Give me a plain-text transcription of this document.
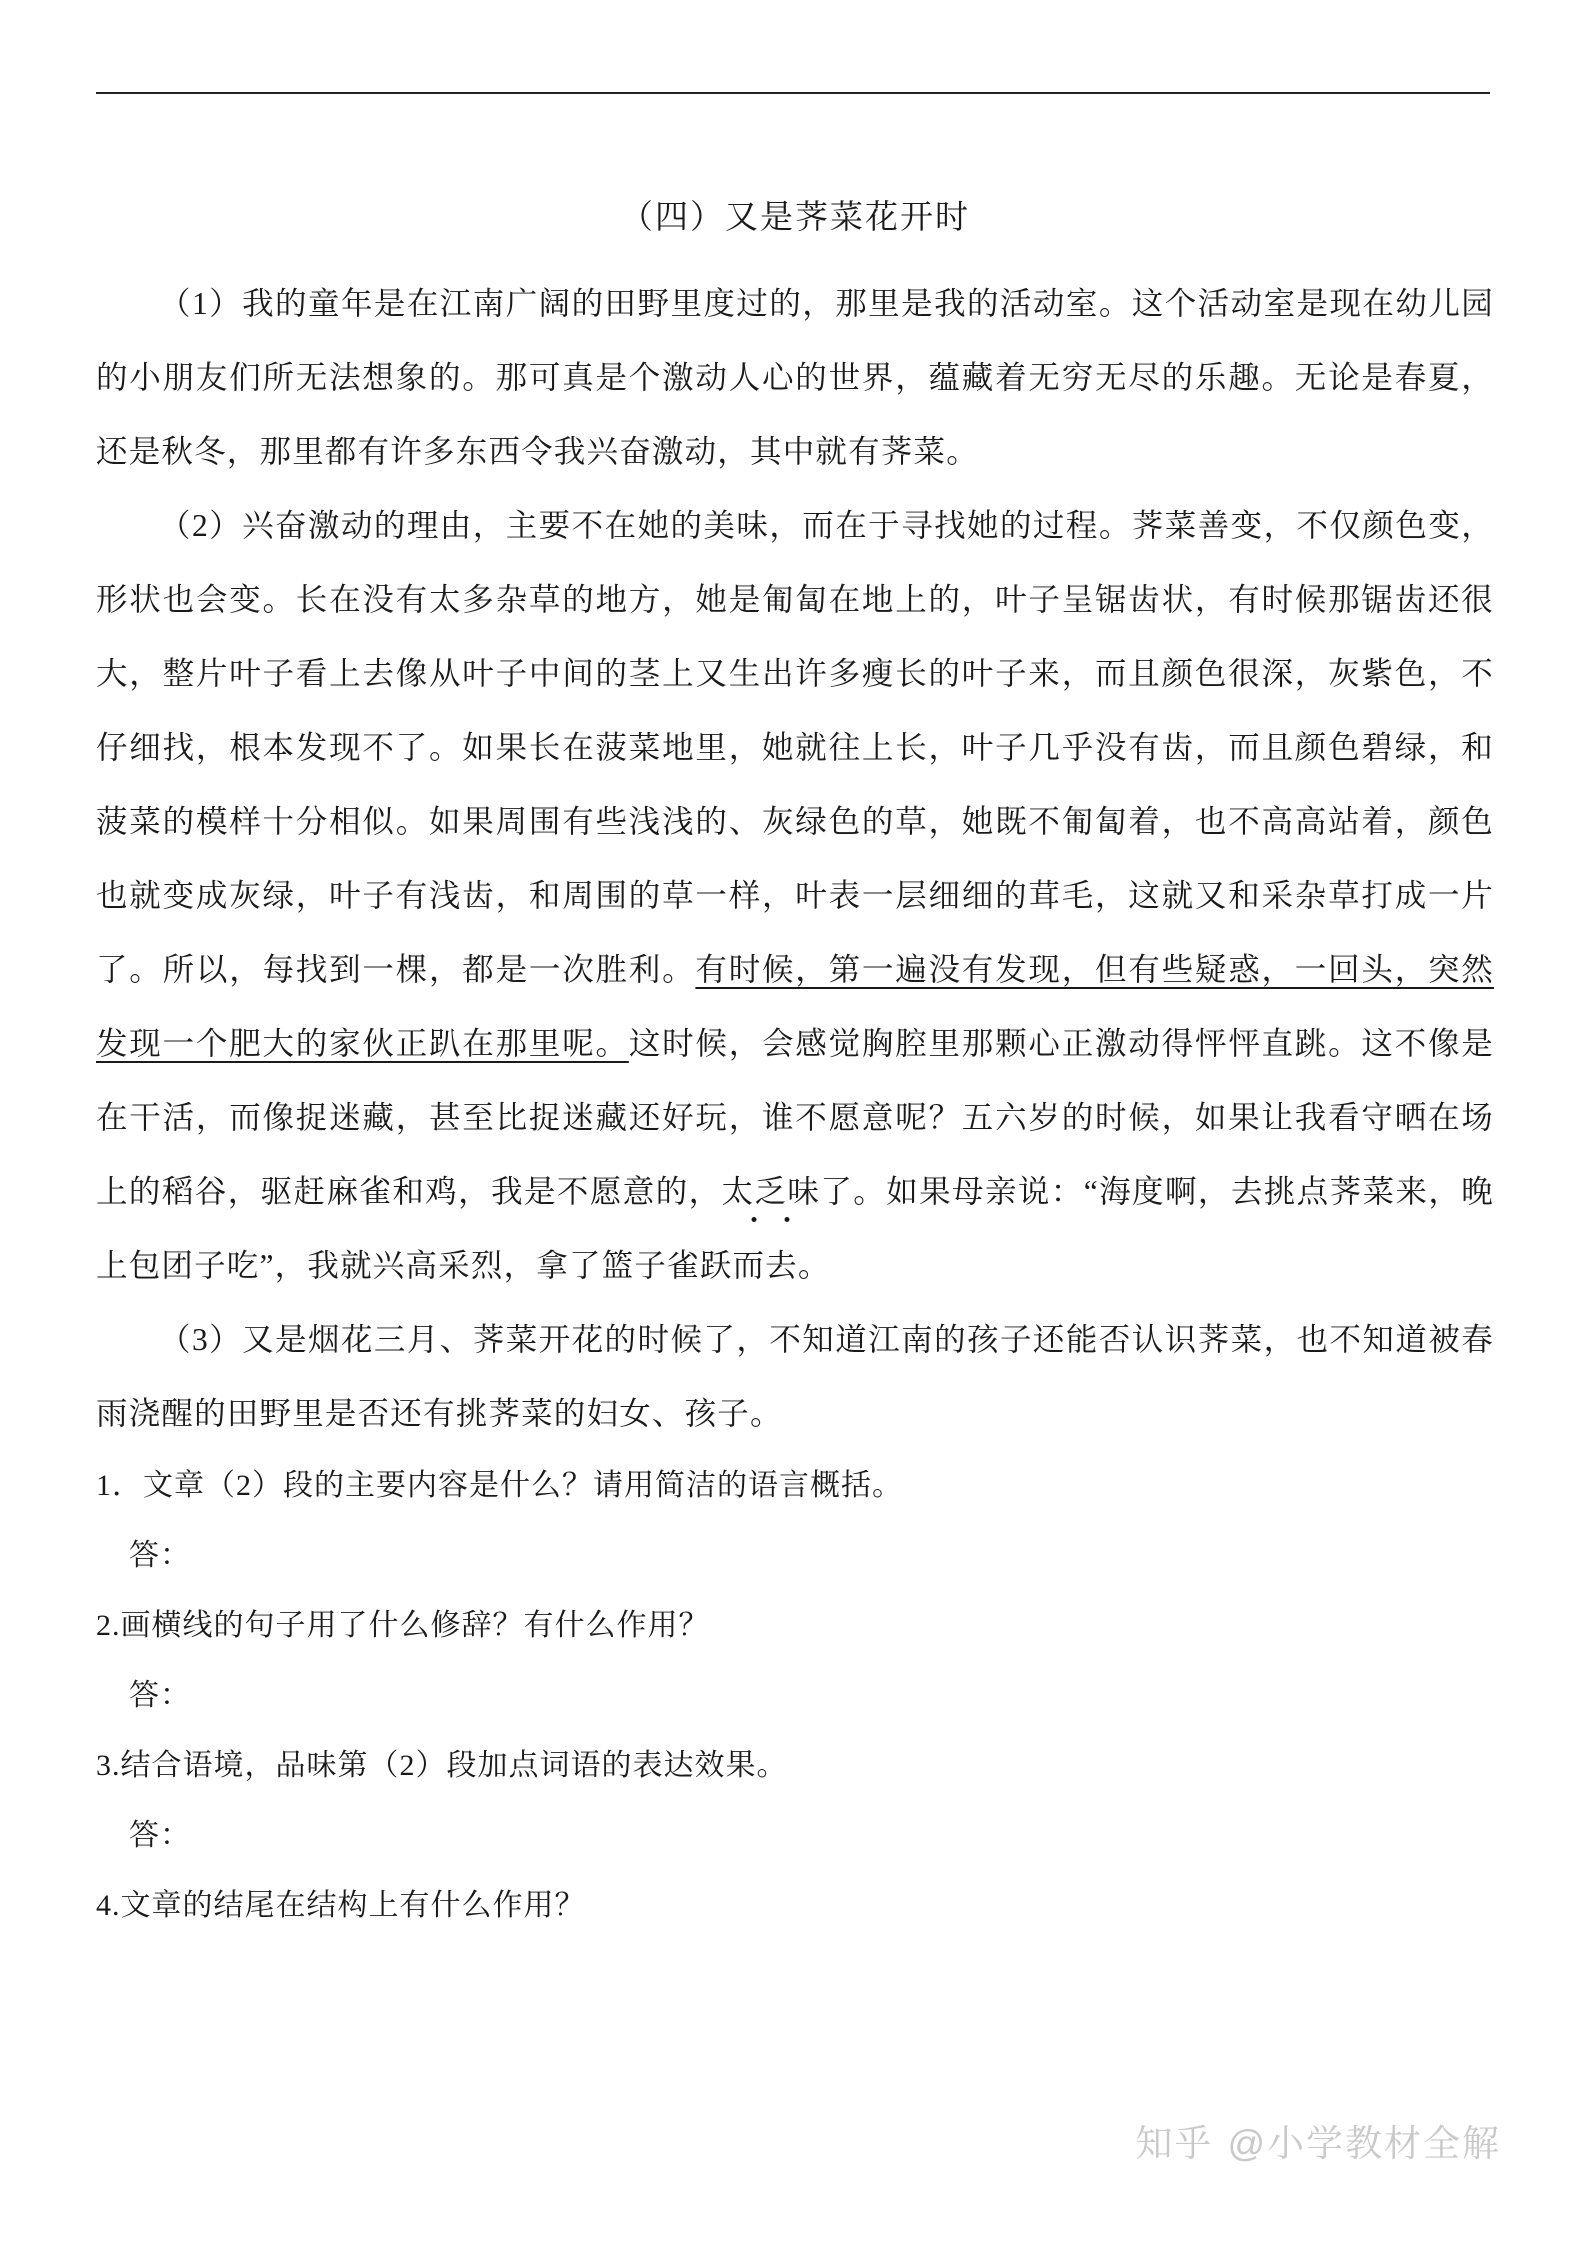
（四）又是荠菜花开时

（1）我的童年是在江南广阔的田野里度过的，那里是我的活动室。这个活动室是现在幼儿园的小朋友们所无法想象的。那可真是个激动人心的世界，蕴藏着无穷无尽的乐趣。无论是春夏，还是秋冬，那里都有许多东西令我兴奋激动，其中就有荠菜。

（2）兴奋激动的理由，主要不在她的美味，而在于寻找她的过程。荠菜善变，不仅颜色变，形状也会变。长在没有太多杂草的地方，她是匍匐在地上的，叶子呈锯齿状，有时候那锯齿还很大，整片叶子看上去像从叶子中间的茎上又生出许多瘦长的叶子来，而且颜色很深，灰紫色，不仔细找，根本发现不了。如果长在菠菜地里，她就往上长，叶子几乎没有齿，而且颜色碧绿，和菠菜的模样十分相似。如果周围有些浅浅的、灰绿色的草，她既不匍匐着，也不高高站着，颜色也就变成灰绿，叶子有浅齿，和周围的草一样，叶表一层细细的茸毛，这就又和采杂草打成一片了。所以，每找到一棵，都是一次胜利。有时候，第一遍没有发现，但有些疑惑，一回头，突然发现一个肥大的家伙正趴在那里呢。这时候，会感觉胸腔里那颗心正激动得怦怦直跳。这不像是在干活，而像捉迷藏，甚至比捉迷藏还好玩，谁不愿意呢？五六岁的时候，如果让我看守晒在场上的稻谷，驱赶麻雀和鸡，我是不愿意的，太乏味了。如果母亲说：“海度啊，去挑点荠菜来，晚上包团子吃”，我就兴高采烈，拿了篮子雀跃而去。

（3）又是烟花三月、荠菜开花的时候了，不知道江南的孩子还能否认识荠菜，也不知道被春雨浇醒的田野里是否还有挑荠菜的妇女、孩子。

1．文章（2）段的主要内容是什么？请用简洁的语言概括。

答：

2.画横线的句子用了什么修辞？有什么作用？

答：

3.结合语境，品味第（2）段加点词语的表达效果。

答：

4.文章的结尾在结构上有什么作用？

知乎 @小学教材全解
